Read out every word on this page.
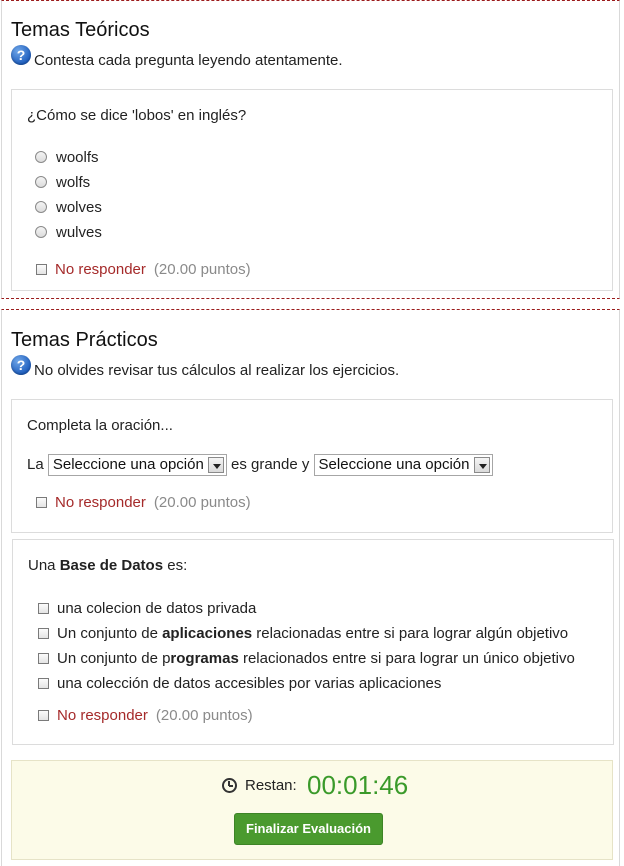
Temas Teóricos
? Contesta cada pregunta leyendo atentamente.
¿Cómo se dice 'lobos' en inglés?
woolfs
wolfs
wolves
wulves
No responder (20.00 puntos)
Temas Prácticos
? No olvides revisar tus cálculos al realizar los ejercicios.
Completa la oración...
La Seleccione una opción es grande y Seleccione una opción
No responder (20.00 puntos)
Una Base de Datos es:
una colecion de datos privada
Un conjunto de aplicaciones relacionadas entre si para lograr algún objetivo
Un conjunto de programas relacionados entre si para lograr un único objetivo
una colección de datos accesibles por varias aplicaciones
No responder (20.00 puntos)
Restan: 00:01:46
Finalizar Evaluación
